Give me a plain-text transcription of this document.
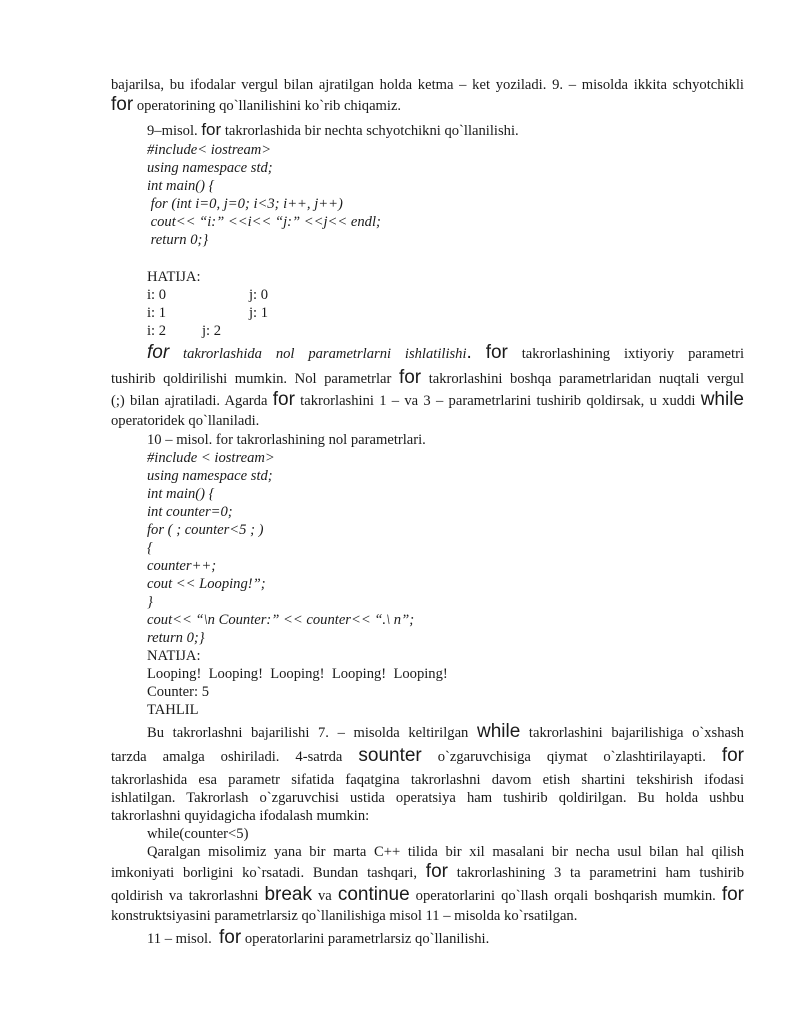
bajarilsa, bu ifodalar vergul bilan ajratilgan holda ketma – ket yoziladi. 9. – misolda ikkita schyotchikli
for operatorining qo`llanilishini ko`rib chiqamiz.
9–misol. for takrorlashida bir nechta schyotchikni qo`llanilishi.
#include< iostream>
using namespace std;
int main() {
for (int i=0, j=0; i<3; i++, j++)
cout<< “i:” <<i<< “j:” <<j<< endl;
return 0;}
HATIJA:
i: 0	j: 0
i: 1	j: 1
i: 2 j: 2
for takrorlashida nol parametrlarni ishlatilishi. for takrorlashining ixtiyoriy parametri
tushirib qoldirilishi mumkin. Nol parametrlar for takrorlashini boshqa parametrlaridan nuqtali vergul
(;) bilan ajratiladi. Agarda for takrorlashini 1 – va 3 – parametrlarini tushirib qoldirsak, u xuddi while
operatoridek qo`llaniladi.
10 – misol. for takrorlashining nol parametrlari.
#include < iostream>
using namespace std;
int main() {
int counter=0;
for ( ; counter<5 ; )
{
counter++;
cout << Looping!”;
}
cout<< “\n Counter:” << counter<< “.\ n”;
return 0;}
NATIJA:
Looping!  Looping!  Looping!  Looping!  Looping!
Counter: 5
TAHLIL
Bu takrorlashni bajarilishi 7. – misolda keltirilgan while takrorlashini bajarilishiga o`xshash
tarzda amalga oshiriladi. 4-satrda sounter o`zgaruvchisiga qiymat o`zlashtirilayapti. for
takrorlashida esa parametr sifatida faqatgina takrorlashni davom etish shartini tekshirish ifodasi
ishlatilgan. Takrorlash o`zgaruvchisi ustida operatsiya ham tushirib qoldirilgan. Bu holda ushbu
takrorlashni quyidagicha ifodalash mumkin:
while(counter<5)
Qaralgan misolimiz yana bir marta C++ tilida bir xil masalani bir necha usul bilan hal qilish
imkoniyati borligini ko`rsatadi. Bundan tashqari, for takrorlashining 3 ta parametrini ham tushirib
qoldirish va takrorlashni break va continue operatorlarini qo`llash orqali boshqarish mumkin. for
konstruktsiyasini parametrlarsiz qo`llanilishiga misol 11 – misolda ko`rsatilgan.
11 – misol.  for operatorlarini parametrlarsiz qo`llanilishi.
